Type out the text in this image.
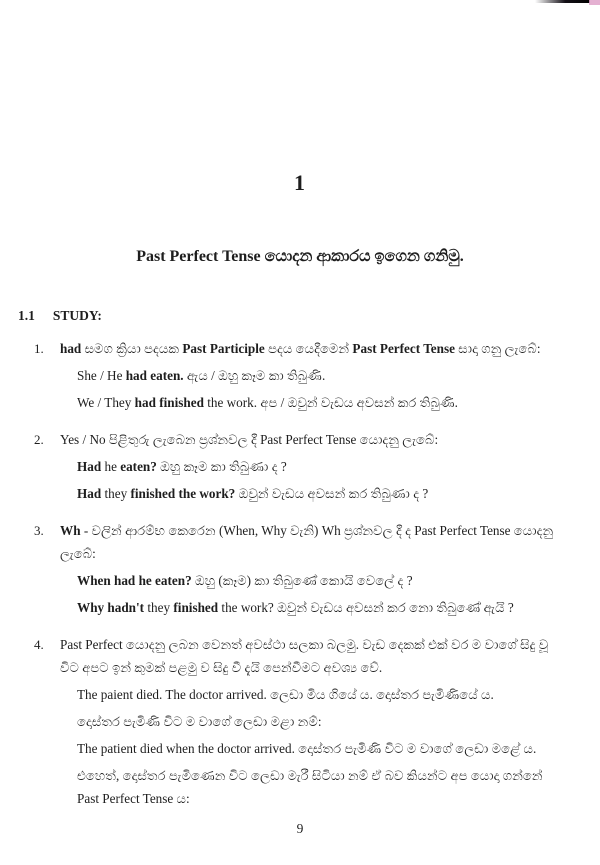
1
Past Perfect Tense යොදන ආකාරය ඉගෙන ගනිමු.
1.1 STUDY:
1.	had සමග ක්‍රියා පදයක Past Participle පදය යෙදීමෙන් Past Perfect Tense සාදා ගනු ලැබේ:
She / He had eaten. ඇය / ඔහු කෑම කා තිබුණි.
We / They had finished the work. අප / ඔවුන් වැඩය අවසන් කර තිබුණි.
2.	Yes / No පිළිතුරු ලැබෙන ප්‍රශ්නවල දී Past Perfect Tense යොදනු ලැබේ:
Had he eaten? ඔහු කෑම කා තිබුණා ද ?
Had they finished the work? ඔවුන් වැඩය අවසන් කර තිබුණා ද ?
3.	Wh - වලින් ආරම්භ කෙරෙන (When, Why වැනි) Wh ප්‍රශ්නවල දී ද Past Perfect Tense යොදනු ලැබේ:
When had he eaten? ඔහු (කෑම) කා තිබුණේ කොයි වෙලේ ද ?
Why hadn't they finished the work? ඔවුන් වැඩය අවසන් කර නො තිබුණේ ඇයි ?
4.	Past Perfect යොදනු ලබන වෙනත් අවස්ථා සලකා බලමු. වැඩ දෙකක් එක් වර ම වාගේ සිදු වූ විට අපට ඉන් කුමක් පළමු ව සිදු වී දැයි පෙන්වීමට අවශ්‍ය වේ.
The paient died. The doctor arrived. ලෙඩා මිය ගියේ ය. දොස්තර පැමිණියේ ය.
දොස්තර පැමිණි විට ම වාගේ ලෙඩා මළා නම්:
The patient died when the doctor arrived. දොස්තර පැමිණි විට ම වාගේ ලෙඩා මළේ ය.
එහෙත්, දොස්තර පැමිණෙන විට ලෙඩා මැරී සිටියා නම් ඒ බව කියන්ට අප යොදා ගන්නේ Past Perfect Tense ය:
9
